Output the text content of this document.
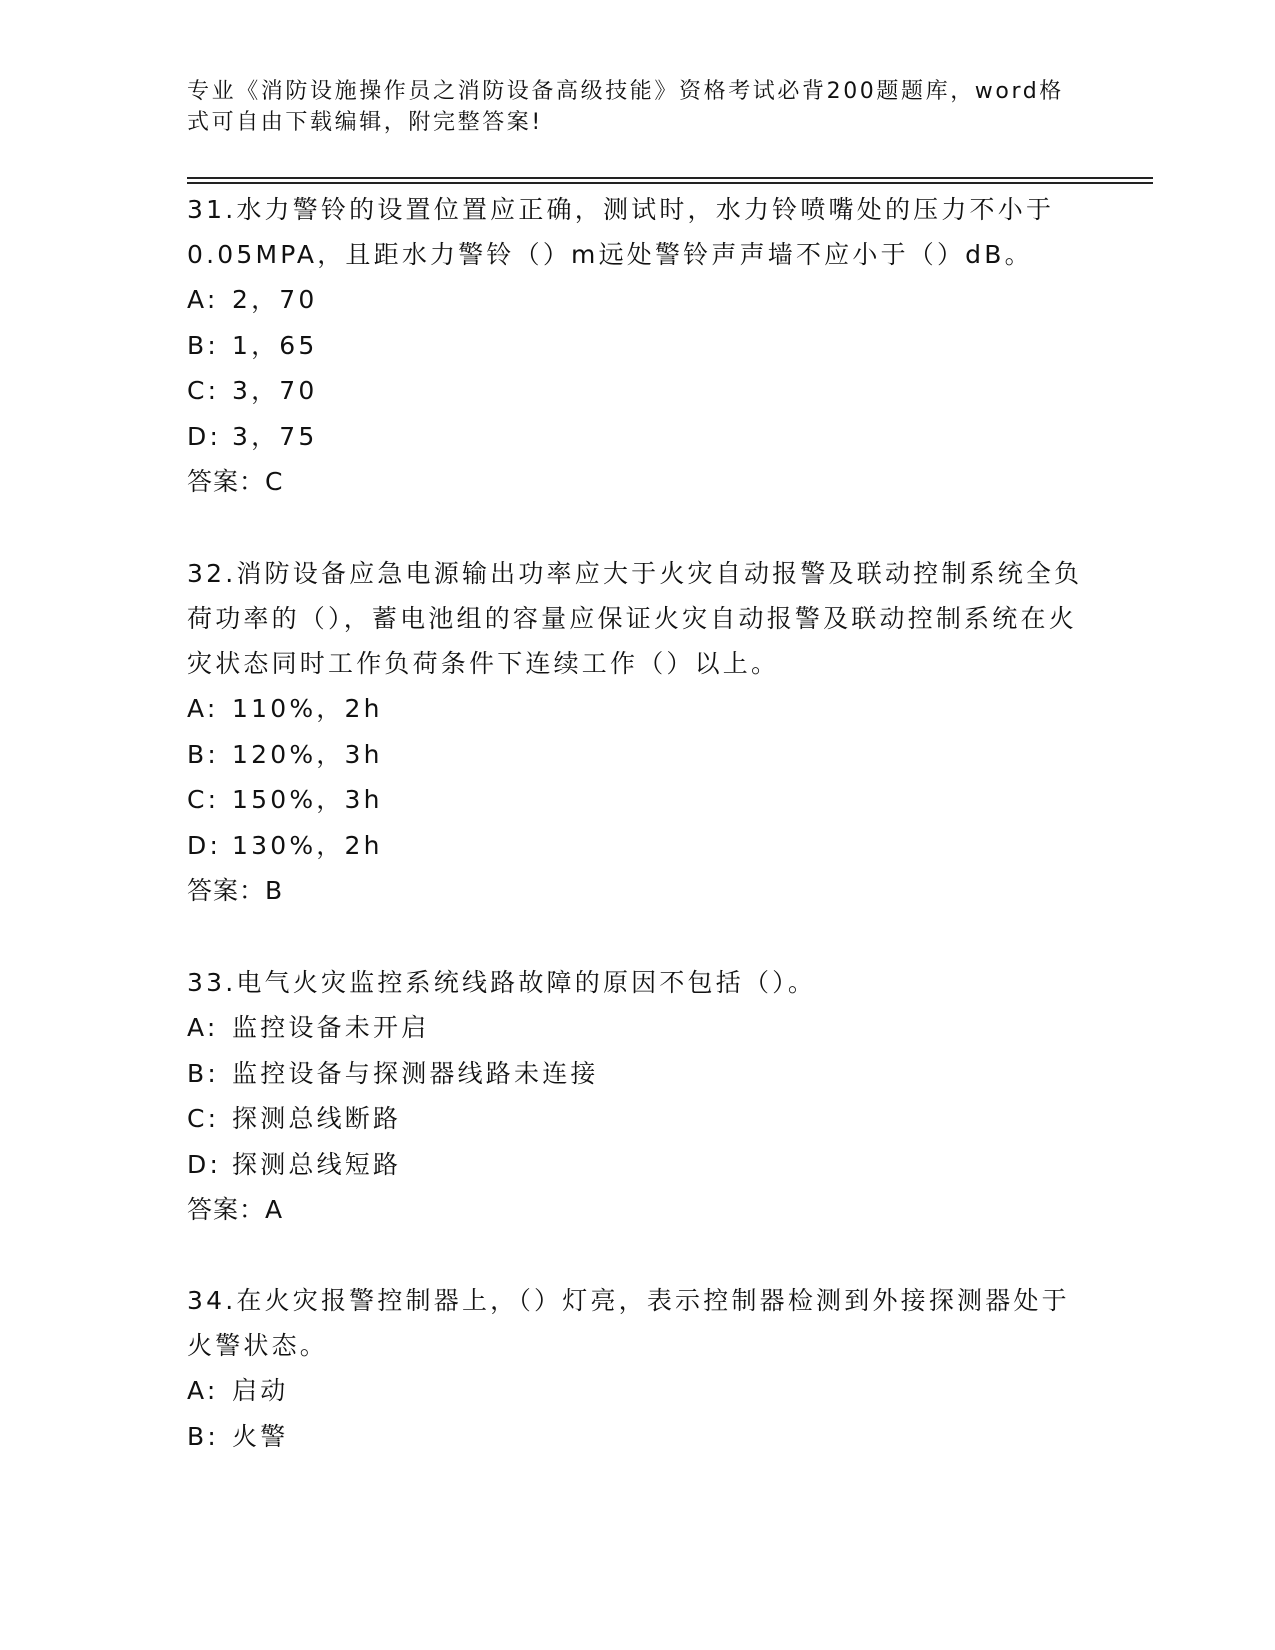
专业《消防设施操作员之消防设备高级技能》资格考试必背200题题库，word格式可自由下载编辑，附完整答案!

31.水力警铃的设置位置应正确，测试时，水力铃喷嘴处的压力不小于0.05MPA，且距水力警铃（）m远处警铃声声墙不应小于（）dB。

A: 2，70

B: 1，65

C: 3，70

D: 3，75

答案：C

32.消防设备应急电源输出功率应大于火灾自动报警及联动控制系统全负荷功率的（），蓄电池组的容量应保证火灾自动报警及联动控制系统在火灾状态同时工作负荷条件下连续工作（）以上。

A: 110%，2h

B: 120%，3h

C: 150%，3h

D: 130%，2h

答案：B

33.电气火灾监控系统线路故障的原因不包括（）。

A: 监控设备未开启

B: 监控设备与探测器线路未连接

C: 探测总线断路

D: 探测总线短路

答案：A

34.在火灾报警控制器上，（）灯亮，表示控制器检测到外接探测器处于火警状态。

A: 启动

B: 火警
